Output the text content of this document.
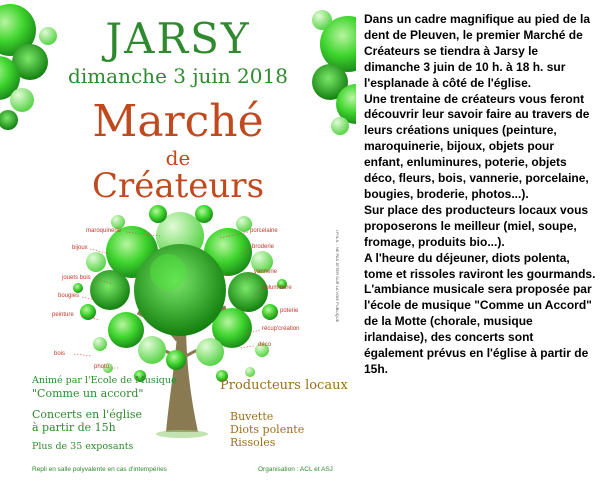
JARSY
dimanche 3 juin 2018
Marché
de
Créateurs
maroquinerie	porcelaine
bijoux	broderie
jouets bois
vannerie
bougies
enluminure
poterie
peinture
récup'création
déco
bois
photo
Animé par l'Ecole de Musique
"Comme un accord"
Concerts en l'église
à partir de 15h
Plus de 35 exposants
Producteurs locaux
Buvette
Diots polente
Rissoles
Repli en salle polyvalente en cas d'intempéries	Organisation : ACL et ASJ
I.P.N.S. - NE PAS JETER SUR LA VOIE PUBLIQUE

Dans un cadre magnifique au pied de la dent de Pleuven, le premier Marché de Créateurs se tiendra à Jarsy le dimanche 3 juin de 10 h. à 18 h. sur l'esplanade à côté de l'église.

Une trentaine de créateurs vous feront découvrir leur savoir faire au travers de leurs créations uniques (peinture, maroquinerie, bijoux, objets pour enfant, enluminures, poterie, objets déco, fleurs, bois, vannerie, porcelaine, bougies, broderie, photos...).

Sur place des producteurs locaux vous proposerons le meilleur (miel, soupe, fromage, produits bio...).

A l'heure du déjeuner, diots polenta, tome et rissoles raviront les gourmands.

L'ambiance musicale sera proposée par l'école de musique "Comme un Accord" de la Motte (chorale, musique irlandaise), des concerts sont également prévus en l'église à partir de 15h.
